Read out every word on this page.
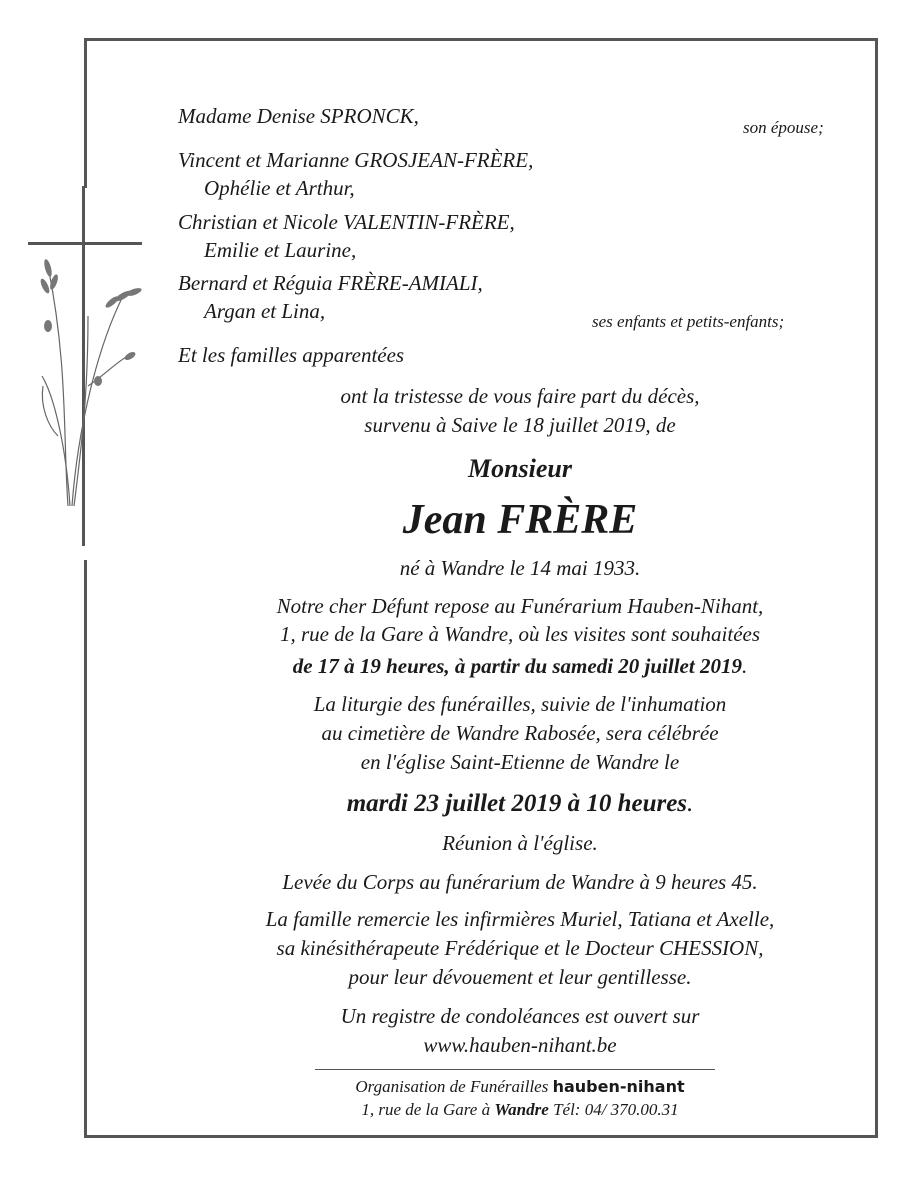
Madame Denise SPRONCK,	son épouse;
Vincent et Marianne GROSJEAN-FRÈRE,
Ophélie et Arthur,
Christian et Nicole VALENTIN-FRÈRE,
Emilie et Laurine,
Bernard et Réguia FRÈRE-AMIALI,
Argan et Lina,	ses enfants et petits-enfants;
Et les familles apparentées
ont la tristesse de vous faire part du décès,
survenu à Saive le 18 juillet 2019, de
Monsieur
Jean FRÈRE
né à Wandre le 14 mai 1933.
Notre cher Défunt repose au Funérarium Hauben-Nihant,
1, rue de la Gare à Wandre, où les visites sont souhaitées
de 17 à 19 heures, à partir du samedi 20 juillet 2019.
La liturgie des funérailles, suivie de l'inhumation
au cimetière de Wandre Rabosée, sera célébrée
en l'église Saint-Etienne de Wandre le
mardi 23 juillet 2019 à 10 heures.
Réunion à l'église.
Levée du Corps au funérarium de Wandre à 9 heures 45.
La famille remercie les infirmières Muriel, Tatiana et Axelle,
sa kinésithérapeute Frédérique et le Docteur CHESSION,
pour leur dévouement et leur gentillesse.
Un registre de condoléances est ouvert sur
www.hauben-nihant.be
Organisation de Funérailles hauben-nihant
1, rue de la Gare à Wandre Tél: 04/ 370.00.31
